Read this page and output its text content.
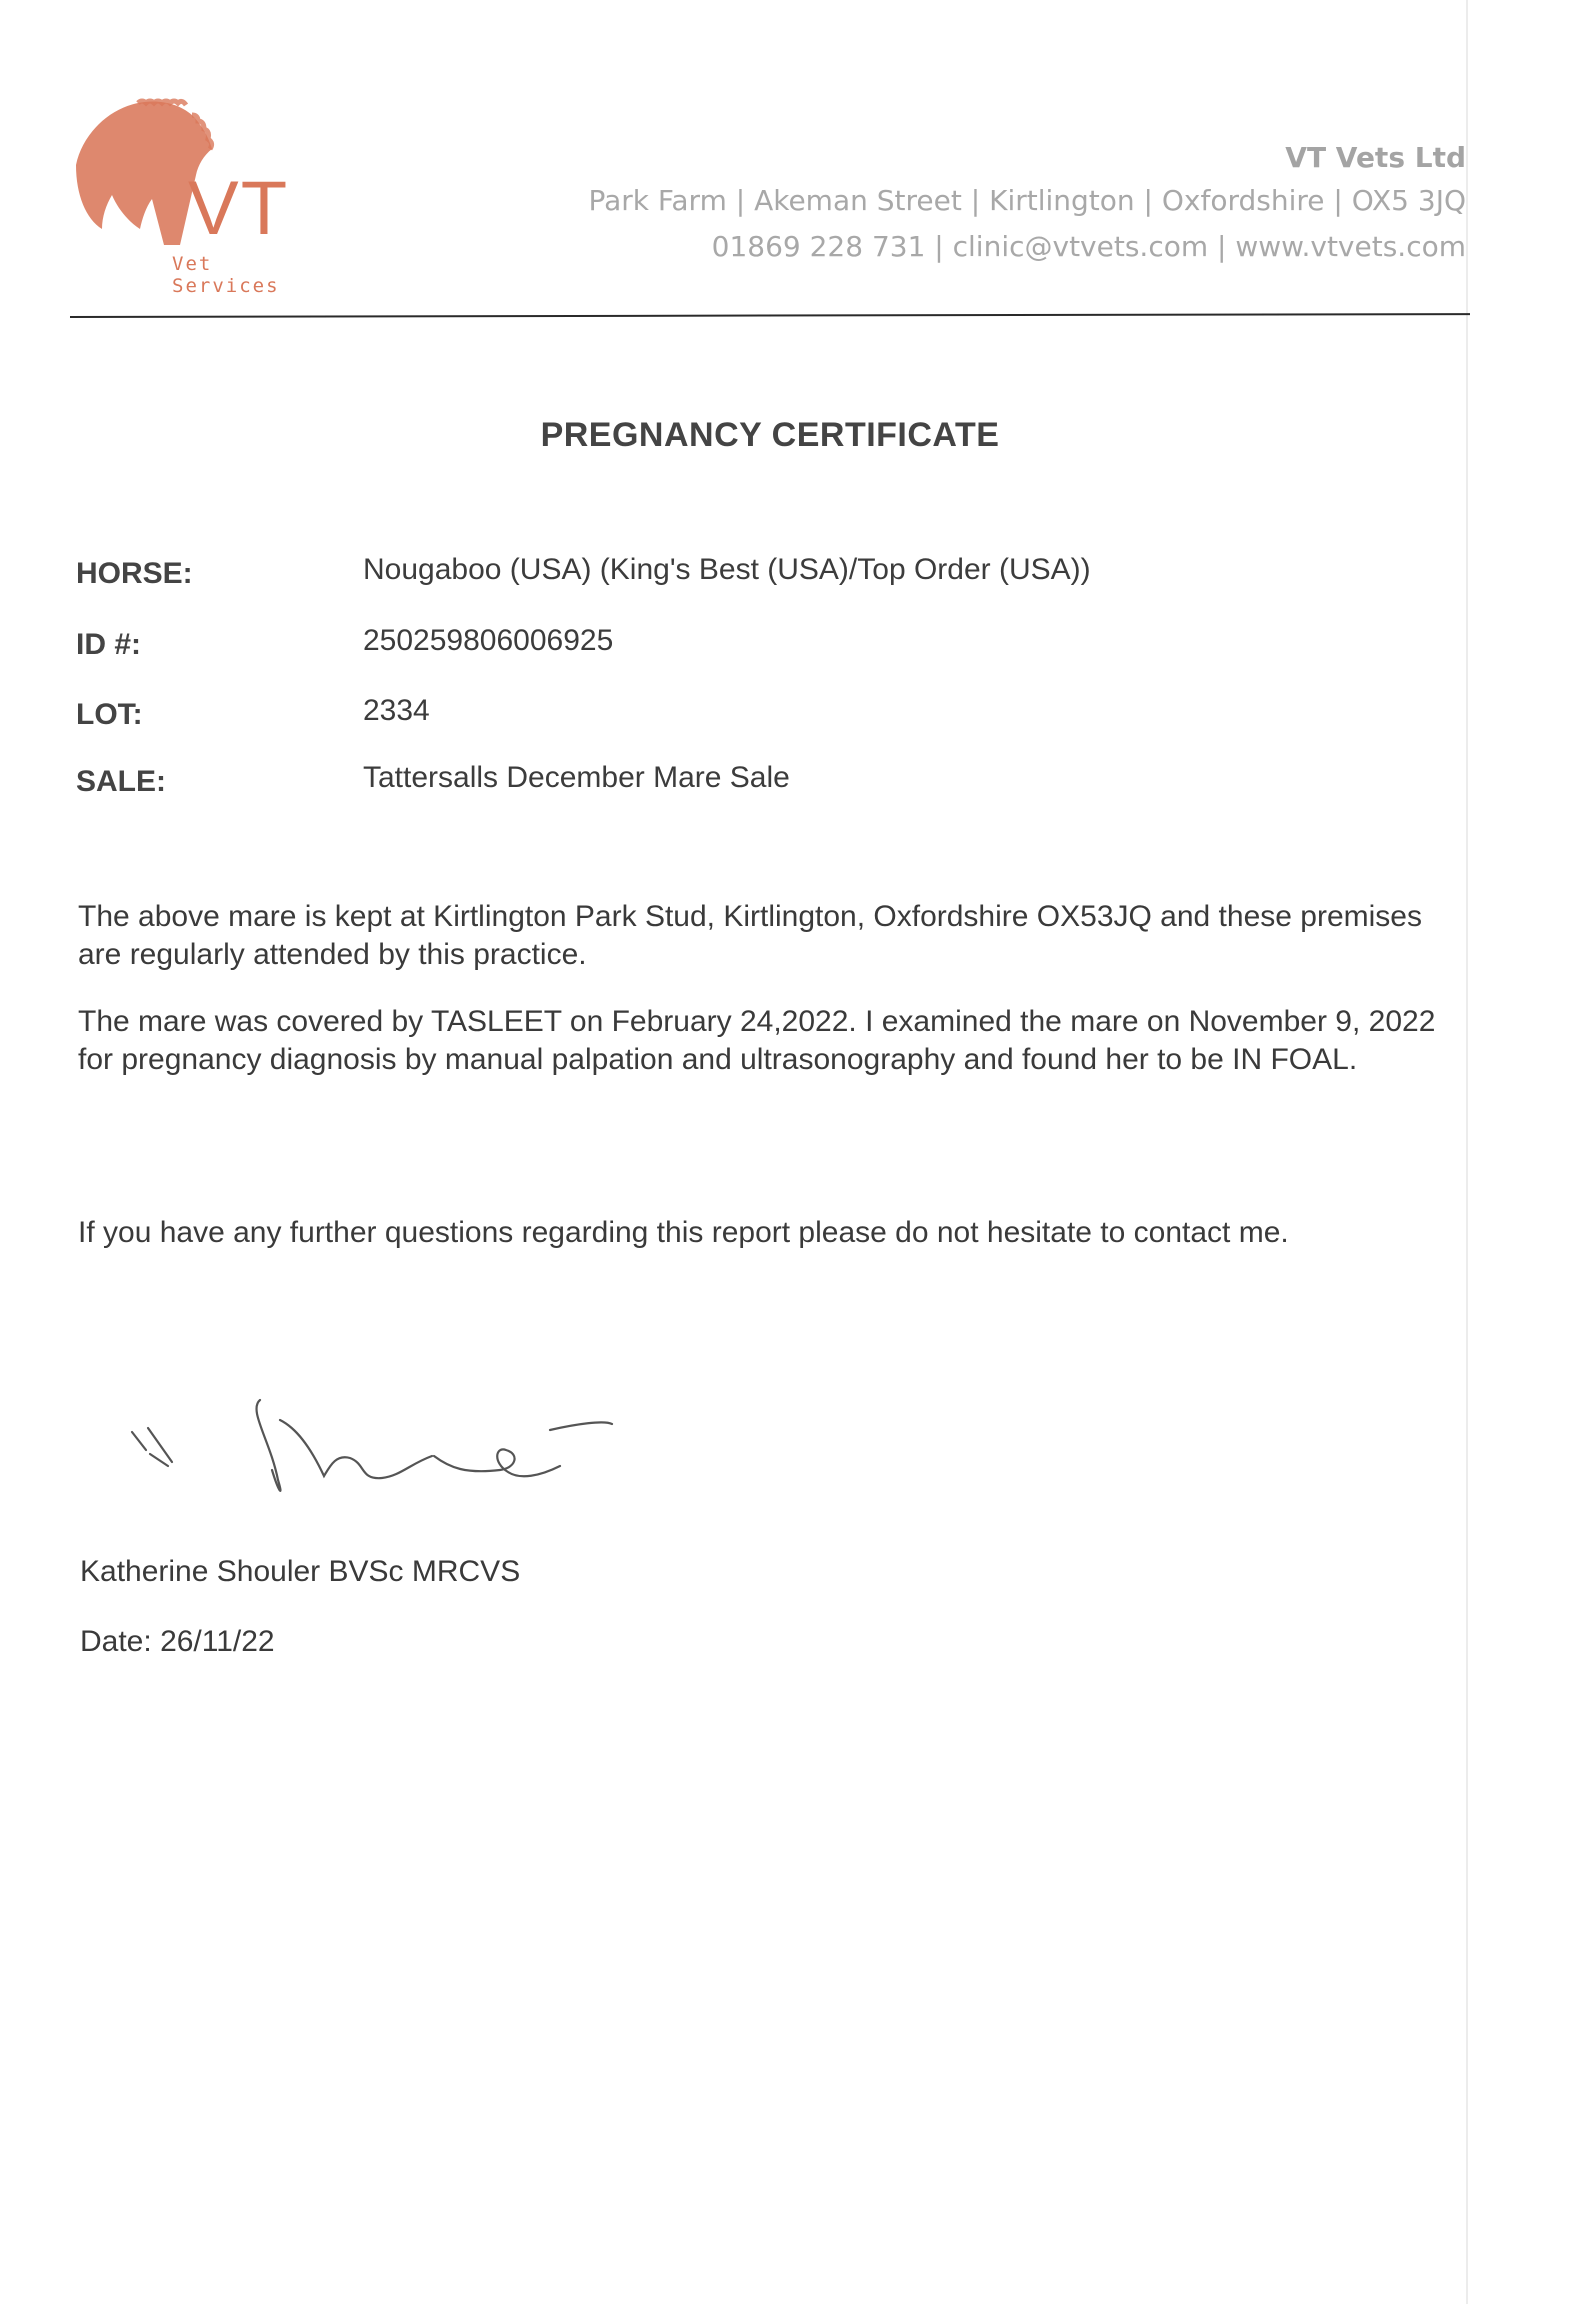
VT
Vet Services
VT Vets Ltd
Park Farm | Akeman Street | Kirtlington | Oxfordshire | OX5 3JQ
01869 228 731 | clinic@vtvets.com | www.vtvets.com
PREGNANCY CERTIFICATE
HORSE:	Nougaboo (USA) (King's Best (USA)/Top Order (USA))
ID #:	250259806006925
LOT:	2334
SALE:	Tattersalls December Mare Sale
The above mare is kept at Kirtlington Park Stud, Kirtlington, Oxfordshire OX53JQ and these premises are regularly attended by this practice.
The mare was covered by TASLEET on February 24,2022. I examined the mare on November 9, 2022 for pregnancy diagnosis by manual palpation and ultrasonography and found her to be IN FOAL.
If you have any further questions regarding this report please do not hesitate to contact me.
Katherine Shouler BVSc MRCVS
Date: 26/11/22
